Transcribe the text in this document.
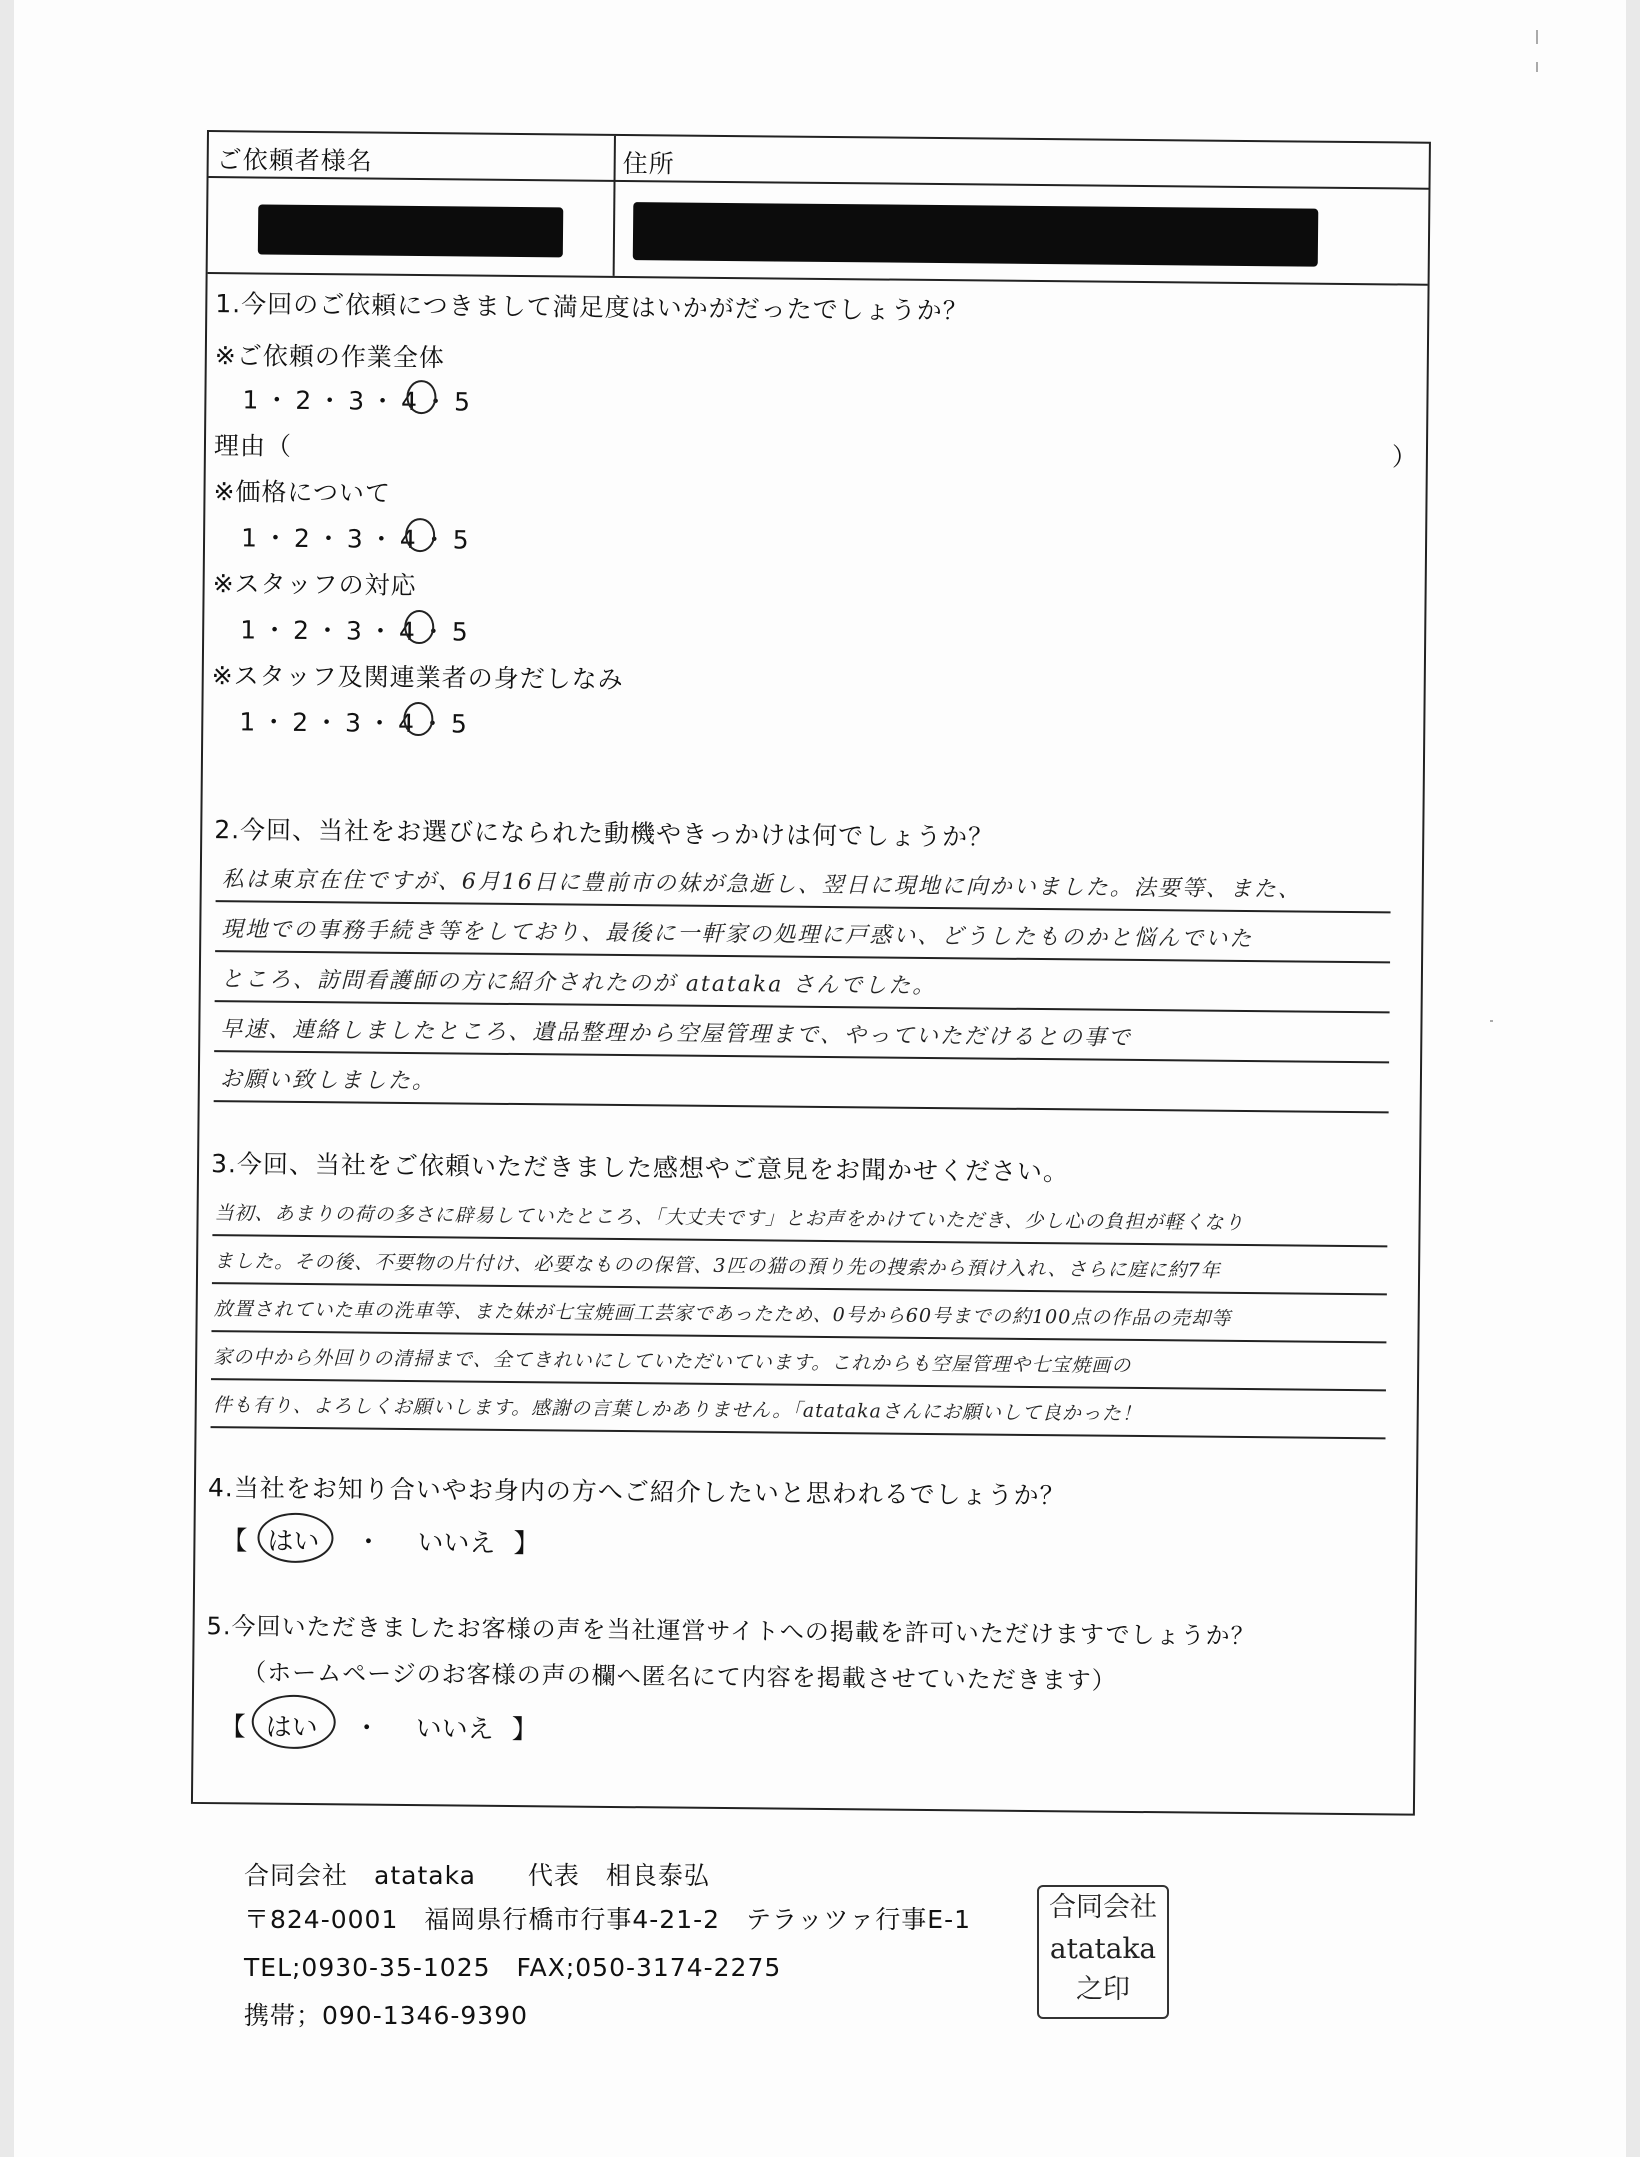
ご依頼者様名	住所
1.今回のご依頼につきまして満足度はいかがだったでしょうか？
※ご依頼の作業全体
1・2・3・4・5
理由（	）
※価格について
1・2・3・4・5
※スタッフの対応
1・2・3・4・5
※スタッフ及関連業者の身だしなみ
1・2・3・4・5
2.今回、当社をお選びになられた動機やきっかけは何でしょうか？
私は東京在住ですが、6月16日に豊前市の妹が急逝し、翌日に現地に向かいました。法要等、また、
現地での事務手続き等をしており、最後に一軒家の処理に戸惑い、どうしたものかと悩んでいた
ところ、訪問看護師の方に紹介されたのが atataka さんでした。
早速、連絡しましたところ、遺品整理から空屋管理まで、やっていただけるとの事で
お願い致しました。
3.今回、当社をご依頼いただきました感想やご意見をお聞かせください。
当初、あまりの荷の多さに辟易していたところ、「大丈夫です」とお声をかけていただき、少し心の負担が軽くなり
ました。その後、不要物の片付け、必要なものの保管、3匹の猫の預り先の捜索から預け入れ、さらに庭に約7年
放置されていた車の洗車等、また妹が七宝焼画工芸家であったため、0号から60号までの約100点の作品の売却等
家の中から外回りの清掃まで、全てきれいにしていただいています。これからも空屋管理や七宝焼画の
件も有り、よろしくお願いします。感謝の言葉しかありません。「atatakaさんにお願いして良かった！
4.当社をお知り合いやお身内の方へご紹介したいと思われるでしょうか？
【 はい ・ いいえ 】
5.今回いただきましたお客様の声を当社運営サイトへの掲載を許可いただけますでしょうか？
（ホームページのお客様の声の欄へ匿名にて内容を掲載させていただきます）
【 はい ・ いいえ 】
合同会社　atataka　　代表　相良泰弘
〒824-0001　福岡県行橋市行事4-21-2　テラッツァ行事E-1
TEL;0930-35-1025　FAX;050-3174-2275
携帯；090-1346-9390
合同会社
atataka
之印
